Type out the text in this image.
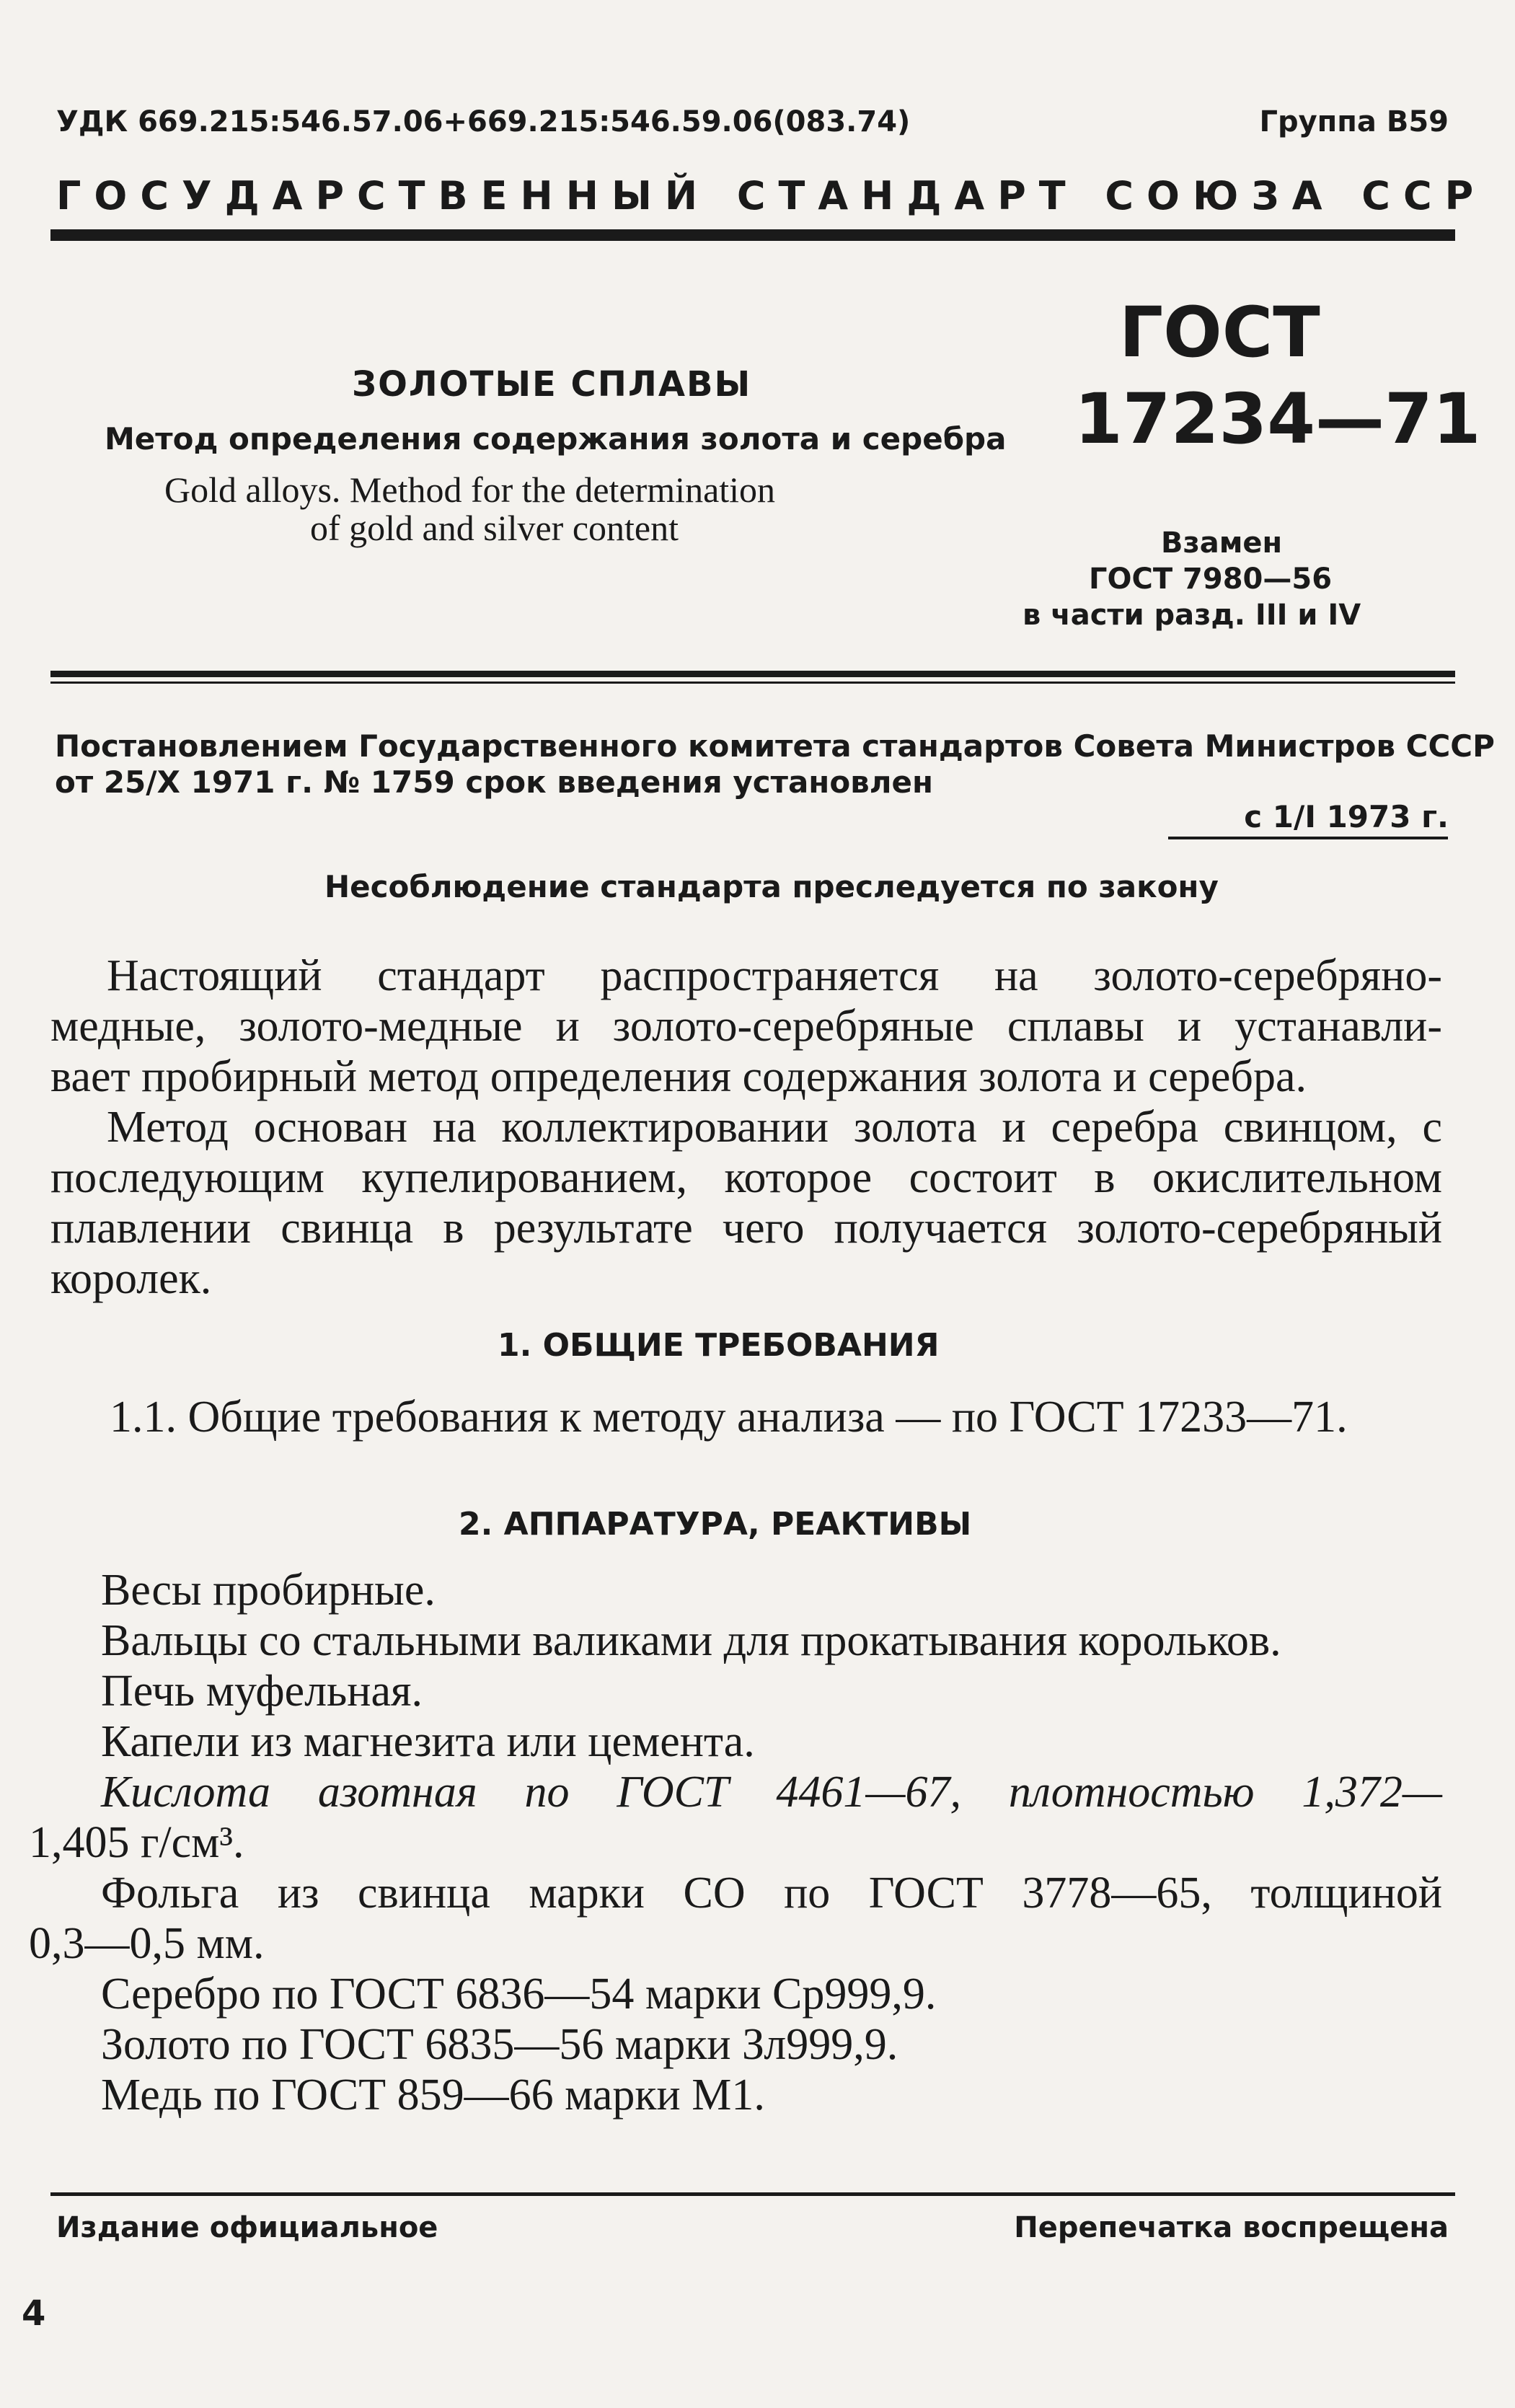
УДК 669.215:546.57.06+669.215:546.59.06(083.74)	Группа В59
ГОСУДАРСТВЕННЫЙ СТАНДАРТ СОЮЗА ССР
ЗОЛОТЫЕ СПЛАВЫ
Метод определения содержания золота и серебра
Gold alloys. Method for the determination
of gold and silver content
ГОСТ
17234—71
Взамен
ГОСТ 7980—56
в части разд. III и IV
Постановлением Государственного комитета стандартов Совета Министров СССР
от 25/X 1971 г. № 1759 срок введения установлен
с 1/I 1973 г.
Несоблюдение стандарта преследуется по закону

Настоящий стандарт распространяется на золото-серебряно-

медные, золото-медные и золото-серебряные сплавы и устанавли-

вает пробирный метод определения содержания золота и серебра.

Метод основан на коллектировании золота и серебра свинцом, с

последующим купелированием, которое состоит в окислительном

плавлении свинца в результате чего получается золото-серебряный

королек.

1. ОБЩИЕ ТРЕБОВАНИЯ
1.1. Общие требования к методу анализа — по ГОСТ 17233—71.
2. АППАРАТУРА, РЕАКТИВЫ

Весы пробирные.

Вальцы со стальными валиками для прокатывания корольков.

Печь муфельная.

Капели из магнезита или цемента.

Кислота азотная по ГОСТ 4461—67, плотностью 1,372—

1,405 г/см³.

Фольга из свинца марки СО по ГОСТ 3778—65, толщиной

0,3—0,5 мм.

Серебро по ГОСТ 6836—54 марки Ср999,9.

Золото по ГОСТ 6835—56 марки Зл999,9.

Медь по ГОСТ 859—66 марки М1.

Издание официальное	Перепечатка воспрещена
4
